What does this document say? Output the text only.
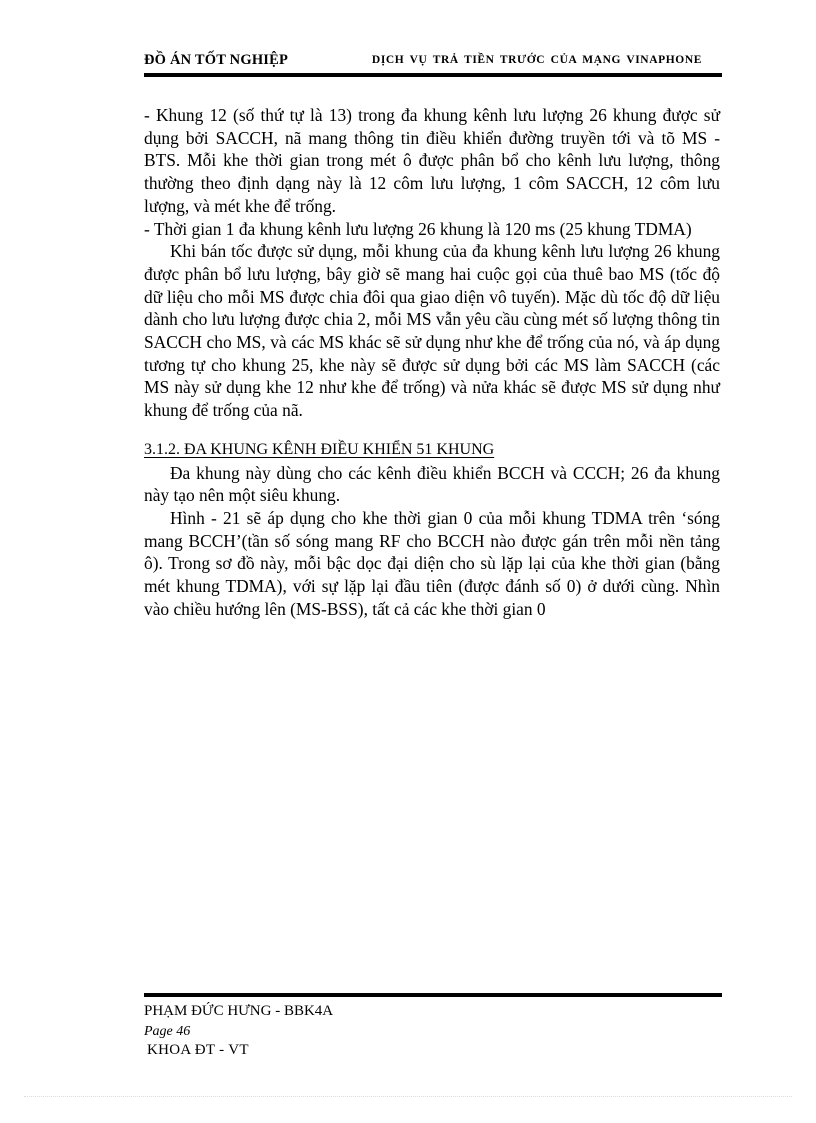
ĐỒ ÁN TỐT NGHIỆP	DỊCH VỤ TRẢ TIỀN TRƯỚC CỦA MẠNG VINAPHONE

- Khung 12 (số thứ tự là 13) trong đa khung kênh lưu lượng 26 khung được sử dụng bởi SACCH, nã mang thông tin điều khiển đường truyền tới và tõ MS - BTS. Mỗi khe thời gian trong mét ô được phân bổ cho kênh lưu lượng, thông thường theo định dạng này là 12 côm lưu lượng, 1 côm SACCH, 12 côm lưu lượng, và mét khe để trống.

- Thời gian 1 đa khung kênh lưu lượng 26 khung là 120 ms (25 khung TDMA)

Khi bán tốc được sử dụng, mỗi khung của đa khung kênh lưu lượng 26 khung được phân bổ lưu lượng, bây giờ sẽ mang hai cuộc gọi của thuê bao MS (tốc độ dữ liệu cho mỗi MS được chia đôi qua giao diện vô tuyến). Mặc dù tốc độ dữ liệu dành cho lưu lượng được chia 2, mỗi MS vẫn yêu cầu cùng mét số lượng thông tin SACCH cho MS, và các MS khác sẽ sử dụng như khe để trống của nó, và áp dụng tương tự cho khung 25, khe này sẽ được sử dụng bởi các MS làm SACCH (các MS này sử dụng khe 12 như khe để trống) và nửa khác sẽ được MS sử dụng như khung để trống của nã.

3.1.2. ĐA KHUNG KÊNH ĐIỀU KHIỂN 51 KHUNG

Đa khung này dùng cho các kênh điều khiển BCCH và CCCH; 26 đa khung này tạo nên một siêu khung.

Hình - 21 sẽ áp dụng cho khe thời gian 0 của mỗi khung TDMA trên ‘sóng mang BCCH’(tần số sóng mang RF cho BCCH nào được gán trên mỗi nền tảng ô). Trong sơ đồ này, mỗi bậc dọc đại diện cho sù lặp lại của khe thời gian (bằng mét khung TDMA), với sự lặp lại đầu tiên (được đánh số 0) ở dưới cùng. Nhìn vào chiều hướng lên (MS-BSS), tất cả các khe thời gian 0

PHẠM ĐỨC HƯNG - BBK4A

Page 46

KHOA ĐT - VT
